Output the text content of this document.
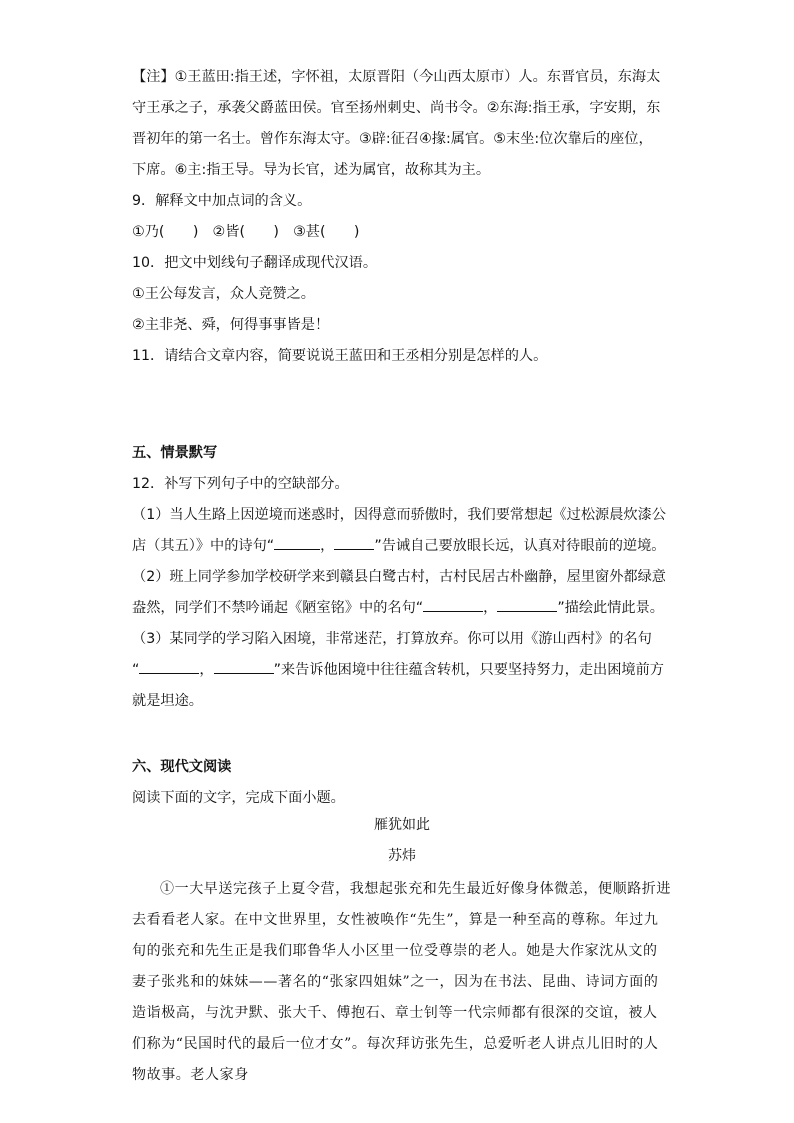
【注】①王蓝田:指王述，字怀祖，太原晋阳（今山西太原市）人。东晋官员，东海太
守王承之子，承袭父爵蓝田侯。官至扬州刺史、尚书令。②东海:指王承，字安期，东
晋初年的第一名士。曾作东海太守。③辟:征召④掾:属官。⑤末坐:位次靠后的座位，
下席。⑥主:指王导。导为长官，述为属官，故称其为主。
9．解释文中加点词的含义。
①乃(　　)　②皆(　　)　③甚(　　)
10．把文中划线句子翻译成现代汉语。
①王公每发言，众人竞赞之。
②主非尧、舜，何得事事皆是！
11．请结合文章内容，简要说说王蓝田和王丞相分别是怎样的人。
五、情景默写
12．补写下列句子中的空缺部分。
（1）当人生路上因逆境而迷惑时，因得意而骄傲时，我们要常想起《过松源晨炊漆公
店（其五）》中的诗句“	，	”告诫自己要放眼长远，认真对待眼前的逆境。
（2）班上同学参加学校研学来到赣县白鹭古村，古村民居古朴幽静，屋里窗外都绿意
盎然，同学们不禁吟诵起《陋室铭》中的名句“	，	”描绘此情此景。
（3）某同学的学习陷入困境，非常迷茫，打算放弃。你可以用《游山西村》的名句
“	，	”来告诉他困境中往往蕴含转机，只要坚持努力，走出困境前方
就是坦途。
六、现代文阅读
阅读下面的文字，完成下面小题。
雁犹如此
苏炜
①一大早送完孩子上夏令营，我想起张充和先生最近好像身体微恙，便顺路折进去看看老人家。在中文世界里，女性被唤作“先生”，算是一种至高的尊称。年过九旬的张充和先生正是我们耶鲁华人小区里一位受尊崇的老人。她是大作家沈从文的妻子张兆和的妹妹——著名的“张家四姐妹”之一，因为在书法、昆曲、诗词方面的造诣极高，与沈尹默、张大千、傅抱石、章士钊等一代宗师都有很深的交谊，被人们称为“民国时代的最后一位才女”。每次拜访张先生，总爱听老人讲点儿旧时的人物故事。老人家身
